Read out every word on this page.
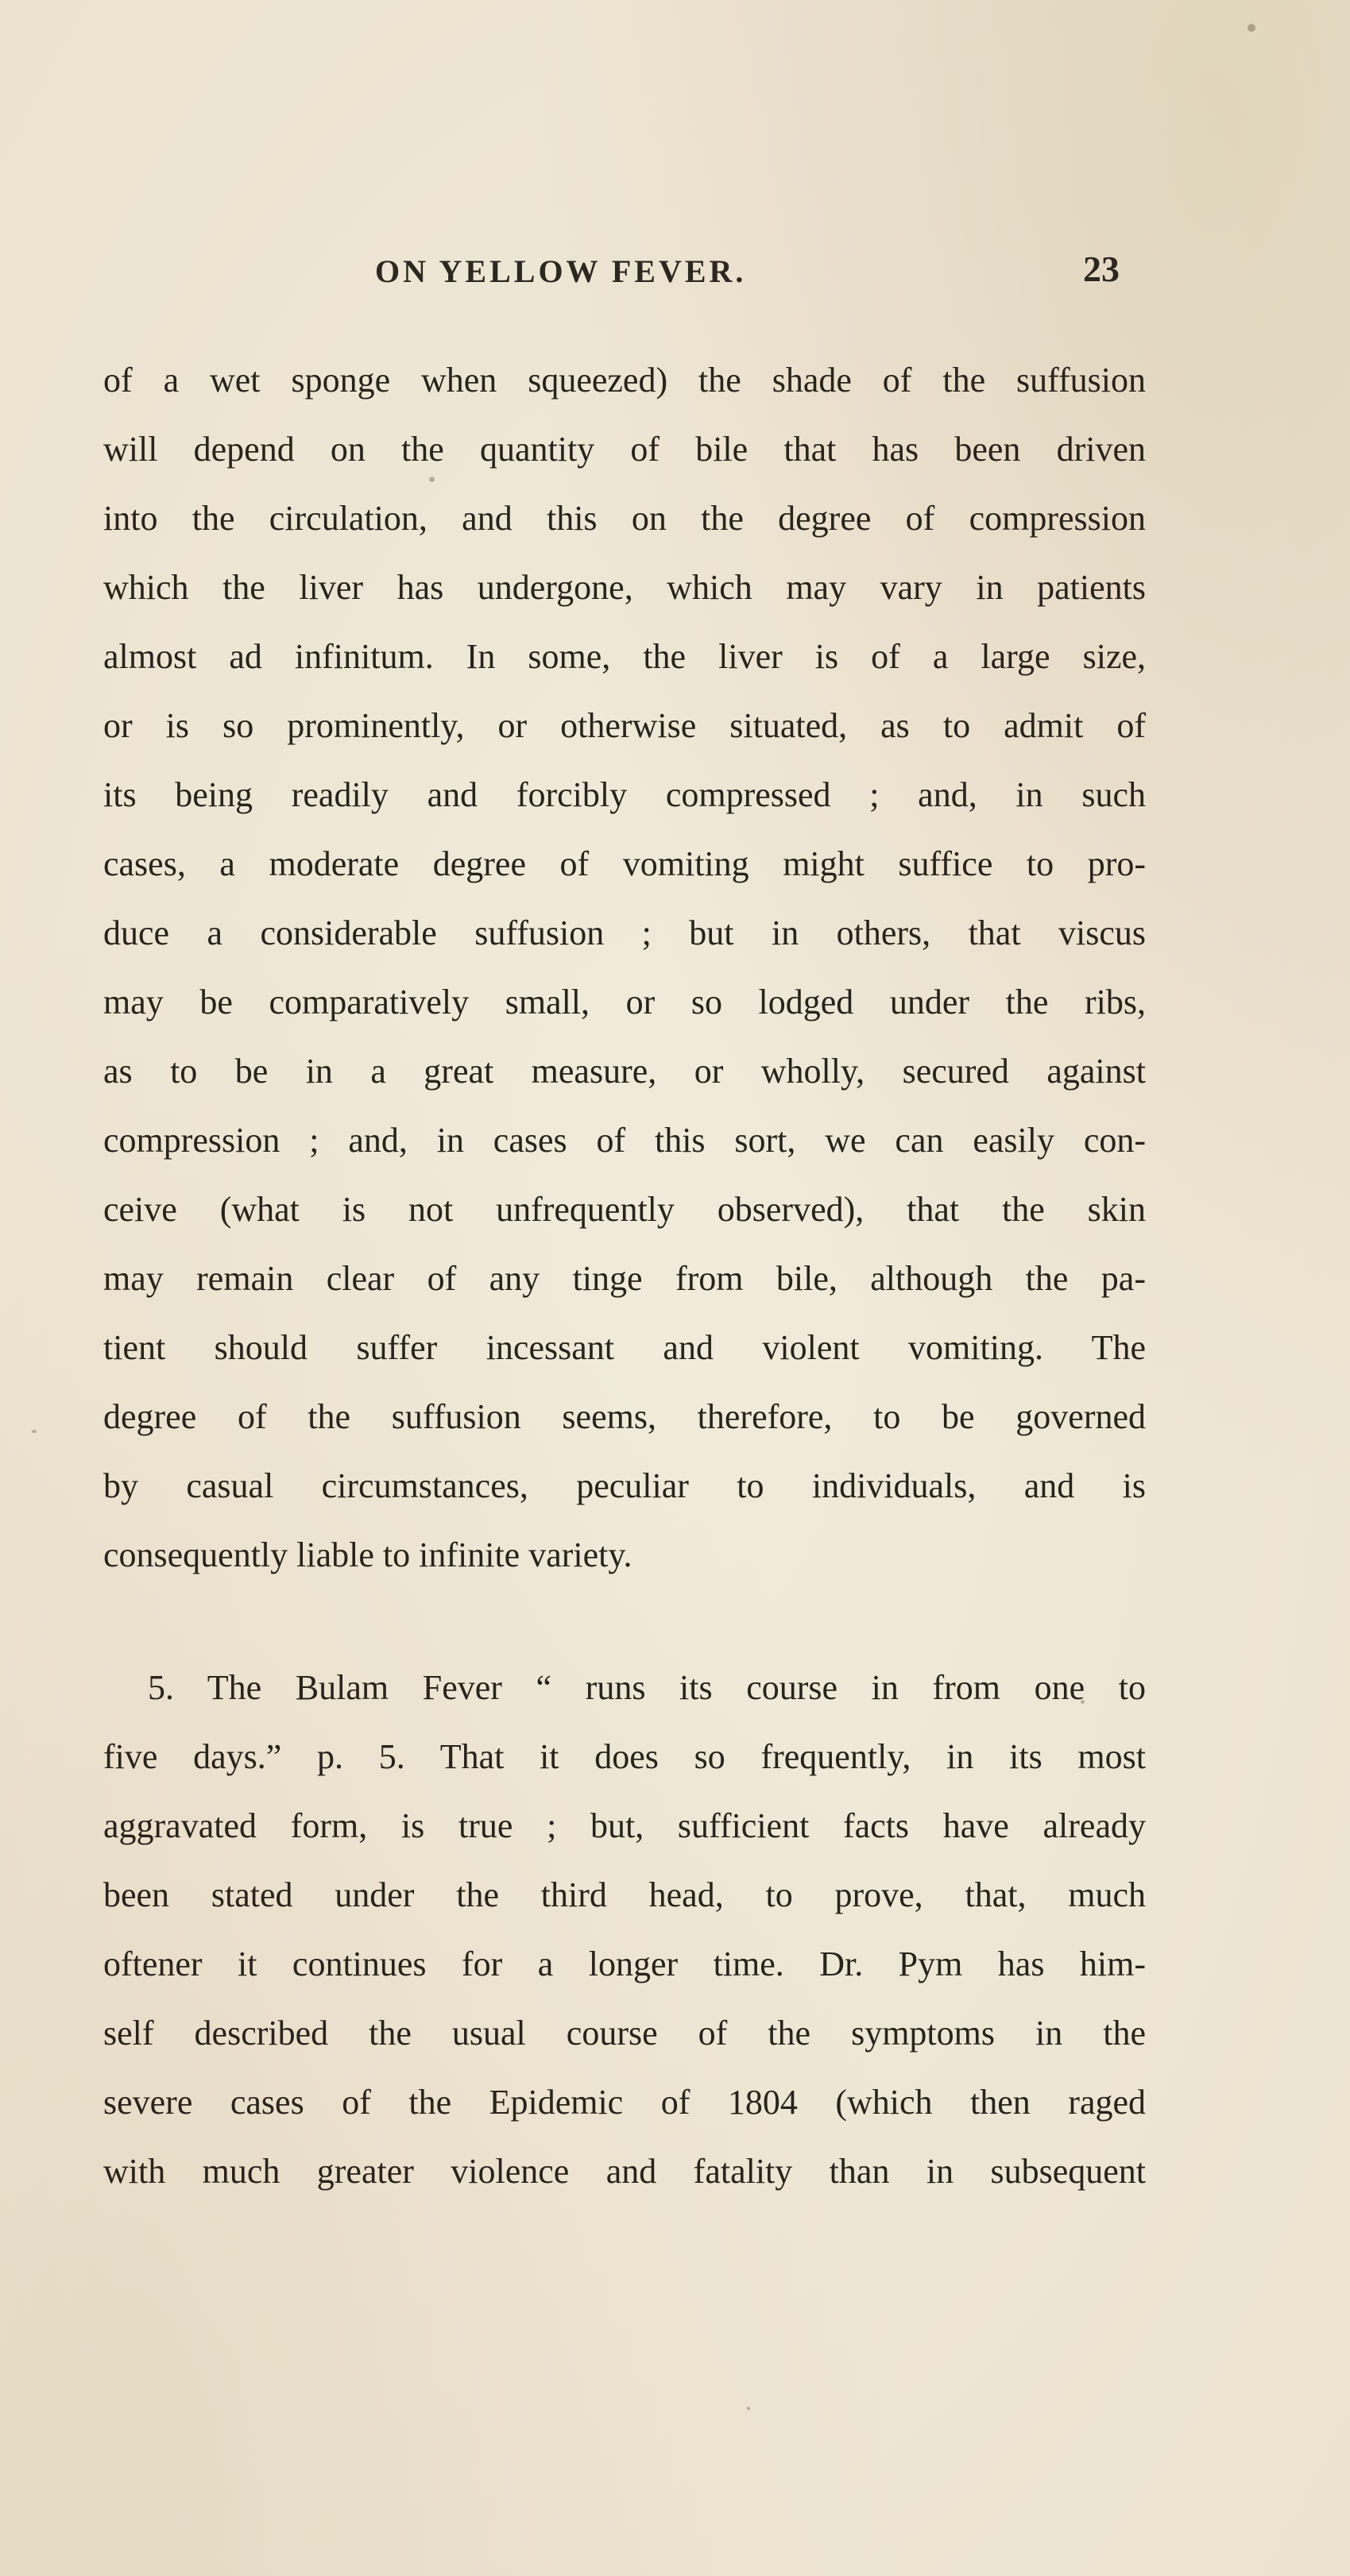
ON YELLOW FEVER.	23
of a wet sponge when squeezed) the shade of the suffusion
will depend on the quantity of bile that has been driven
into the circulation, and this on the degree of compression
which the liver has undergone, which may vary in patients
almost ad infinitum. In some, the liver is of a large size,
or is so prominently, or otherwise situated, as to admit of
its being readily and forcibly compressed ; and, in such
cases, a moderate degree of vomiting might suffice to pro-
duce a considerable suffusion ; but in others, that viscus
may be comparatively small, or so lodged under the ribs,
as to be in a great measure, or wholly, secured against
compression ; and, in cases of this sort, we can easily con-
ceive (what is not unfrequently observed), that the skin
may remain clear of any tinge from bile, although the pa-
tient should suffer incessant and violent vomiting. The
degree of the suffusion seems, therefore, to be governed
by casual circumstances, peculiar to individuals, and is
consequently liable to infinite variety.
5. The Bulam Fever “ runs its course in from one to
five days.” p. 5. That it does so frequently, in its most
aggravated form, is true ; but, sufficient facts have already
been stated under the third head, to prove, that, much
oftener it continues for a longer time. Dr. Pym has him-
self described the usual course of the symptoms in the
severe cases of the Epidemic of 1804 (which then raged
with much greater violence and fatality than in subsequent
